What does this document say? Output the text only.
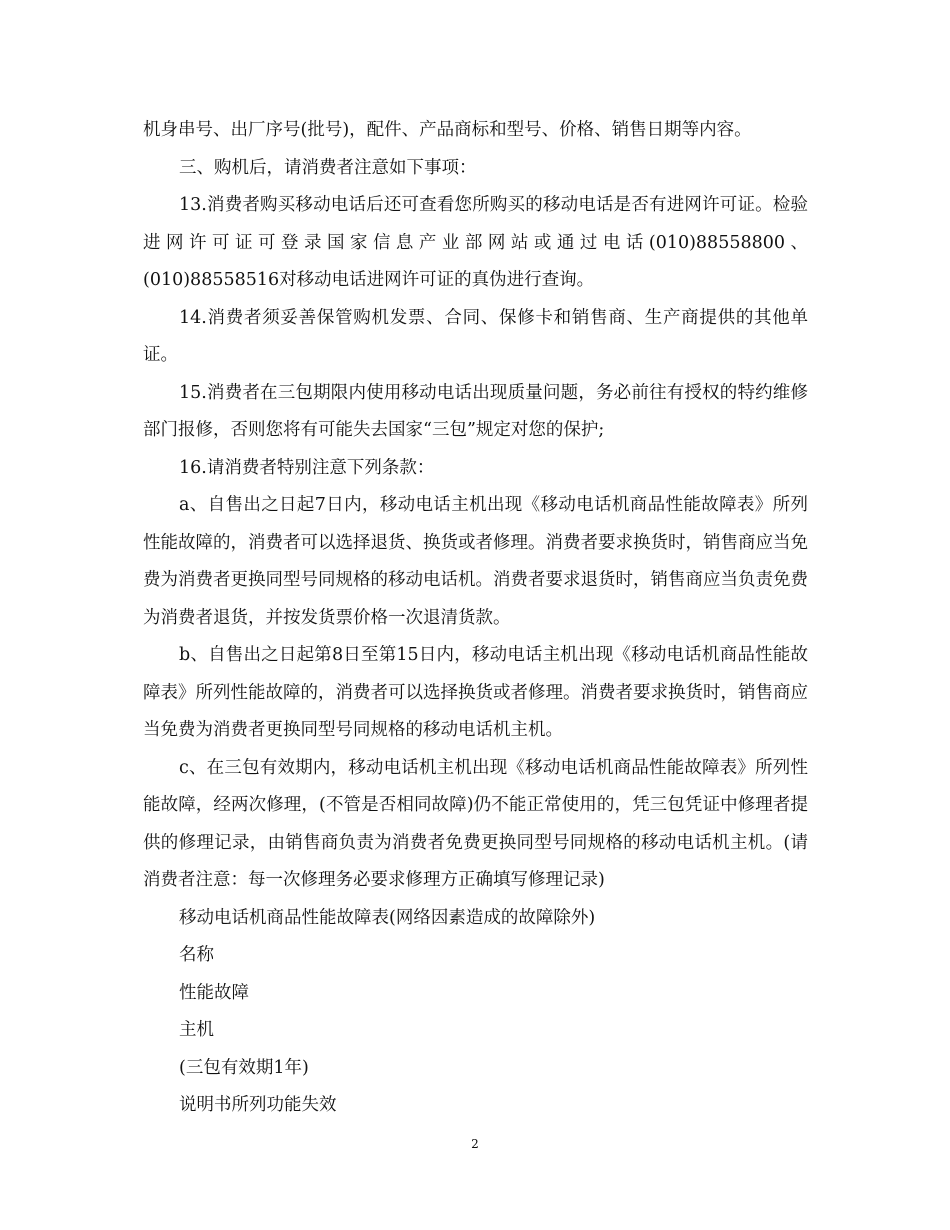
机身串号、出厂序号(批号)，配件、产品商标和型号、价格、销售日期等内容。

三、购机后，请消费者注意如下事项：

13.消费者购买移动电话后还可查看您所购买的移动电话是否有进网许可证。检验进网许可证可登录国家信息产业部网站或通过电话(010)88558800、(010)88558516对移动电话进网许可证的真伪进行查询。

14.消费者须妥善保管购机发票、合同、保修卡和销售商、生产商提供的其他单证。

15.消费者在三包期限内使用移动电话出现质量问题，务必前往有授权的特约维修部门报修，否则您将有可能失去国家“三包”规定对您的保护;

16.请消费者特别注意下列条款：

a、自售出之日起7日内，移动电话主机出现《移动电话机商品性能故障表》所列性能故障的，消费者可以选择退货、换货或者修理。消费者要求换货时，销售商应当免费为消费者更换同型号同规格的移动电话机。消费者要求退货时，销售商应当负责免费为消费者退货，并按发货票价格一次退清货款。

b、自售出之日起第8日至第15日内，移动电话主机出现《移动电话机商品性能故障表》所列性能故障的，消费者可以选择换货或者修理。消费者要求换货时，销售商应当免费为消费者更换同型号同规格的移动电话机主机。

c、在三包有效期内，移动电话机主机出现《移动电话机商品性能故障表》所列性能故障，经两次修理，(不管是否相同故障)仍不能正常使用的，凭三包凭证中修理者提供的修理记录，由销售商负责为消费者免费更换同型号同规格的移动电话机主机。(请消费者注意：每一次修理务必要求修理方正确填写修理记录)

移动电话机商品性能故障表(网络因素造成的故障除外)

名称

性能故障

主机

(三包有效期1年)

说明书所列功能失效

2
